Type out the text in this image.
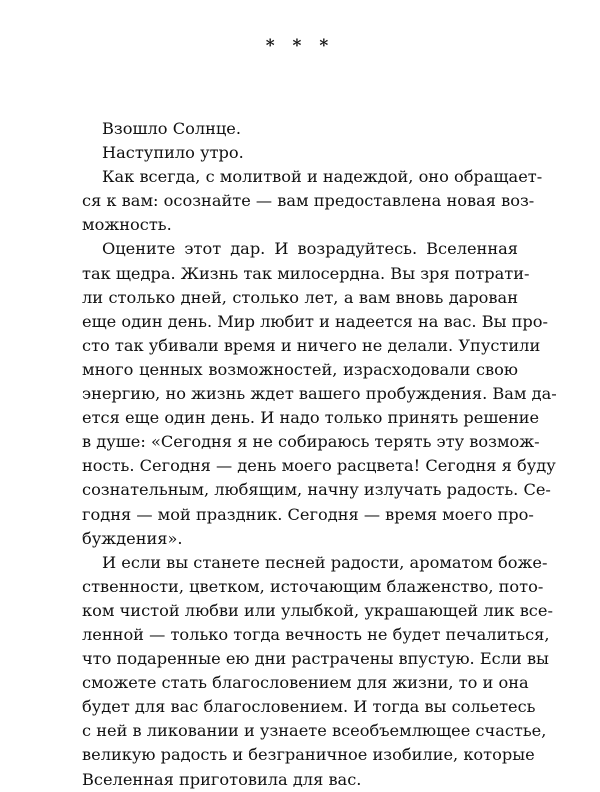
* * *
Взошло Солнце.
Наступило утро.
Как всегда, с молитвой и надеждой, оно обращает-
ся к вам: осознайте — вам предоставлена новая воз-
можность.
Оцените этот дар. И возрадуйтесь. Вселенная
так щедра. Жизнь так милосердна. Вы зря потрати-
ли столько дней, столько лет, а вам вновь дарован
еще один день. Мир любит и надеется на вас. Вы про-
сто так убивали время и ничего не делали. Упустили
много ценных возможностей, израсходовали свою
энергию, но жизнь ждет вашего пробуждения. Вам да-
ется еще один день. И надо только принять решение
в душе: «Сегодня я не собираюсь терять эту возмож-
ность. Сегодня — день моего расцвета! Сегодня я буду
сознательным, любящим, начну излучать радость. Се-
годня — мой праздник. Сегодня — время моего про-
буждения».
И если вы станете песней радости, ароматом боже-
ственности, цветком, источающим блаженство, пото-
ком чистой любви или улыбкой, украшающей лик все-
ленной — только тогда вечность не будет печалиться,
что подаренные ею дни растрачены впустую. Если вы
сможете стать благословением для жизни, то и она
будет для вас благословением. И тогда вы сольетесь
с ней в ликовании и узнаете всеобъемлющее счастье,
великую радость и безграничное изобилие, которые
Вселенная приготовила для вас.
